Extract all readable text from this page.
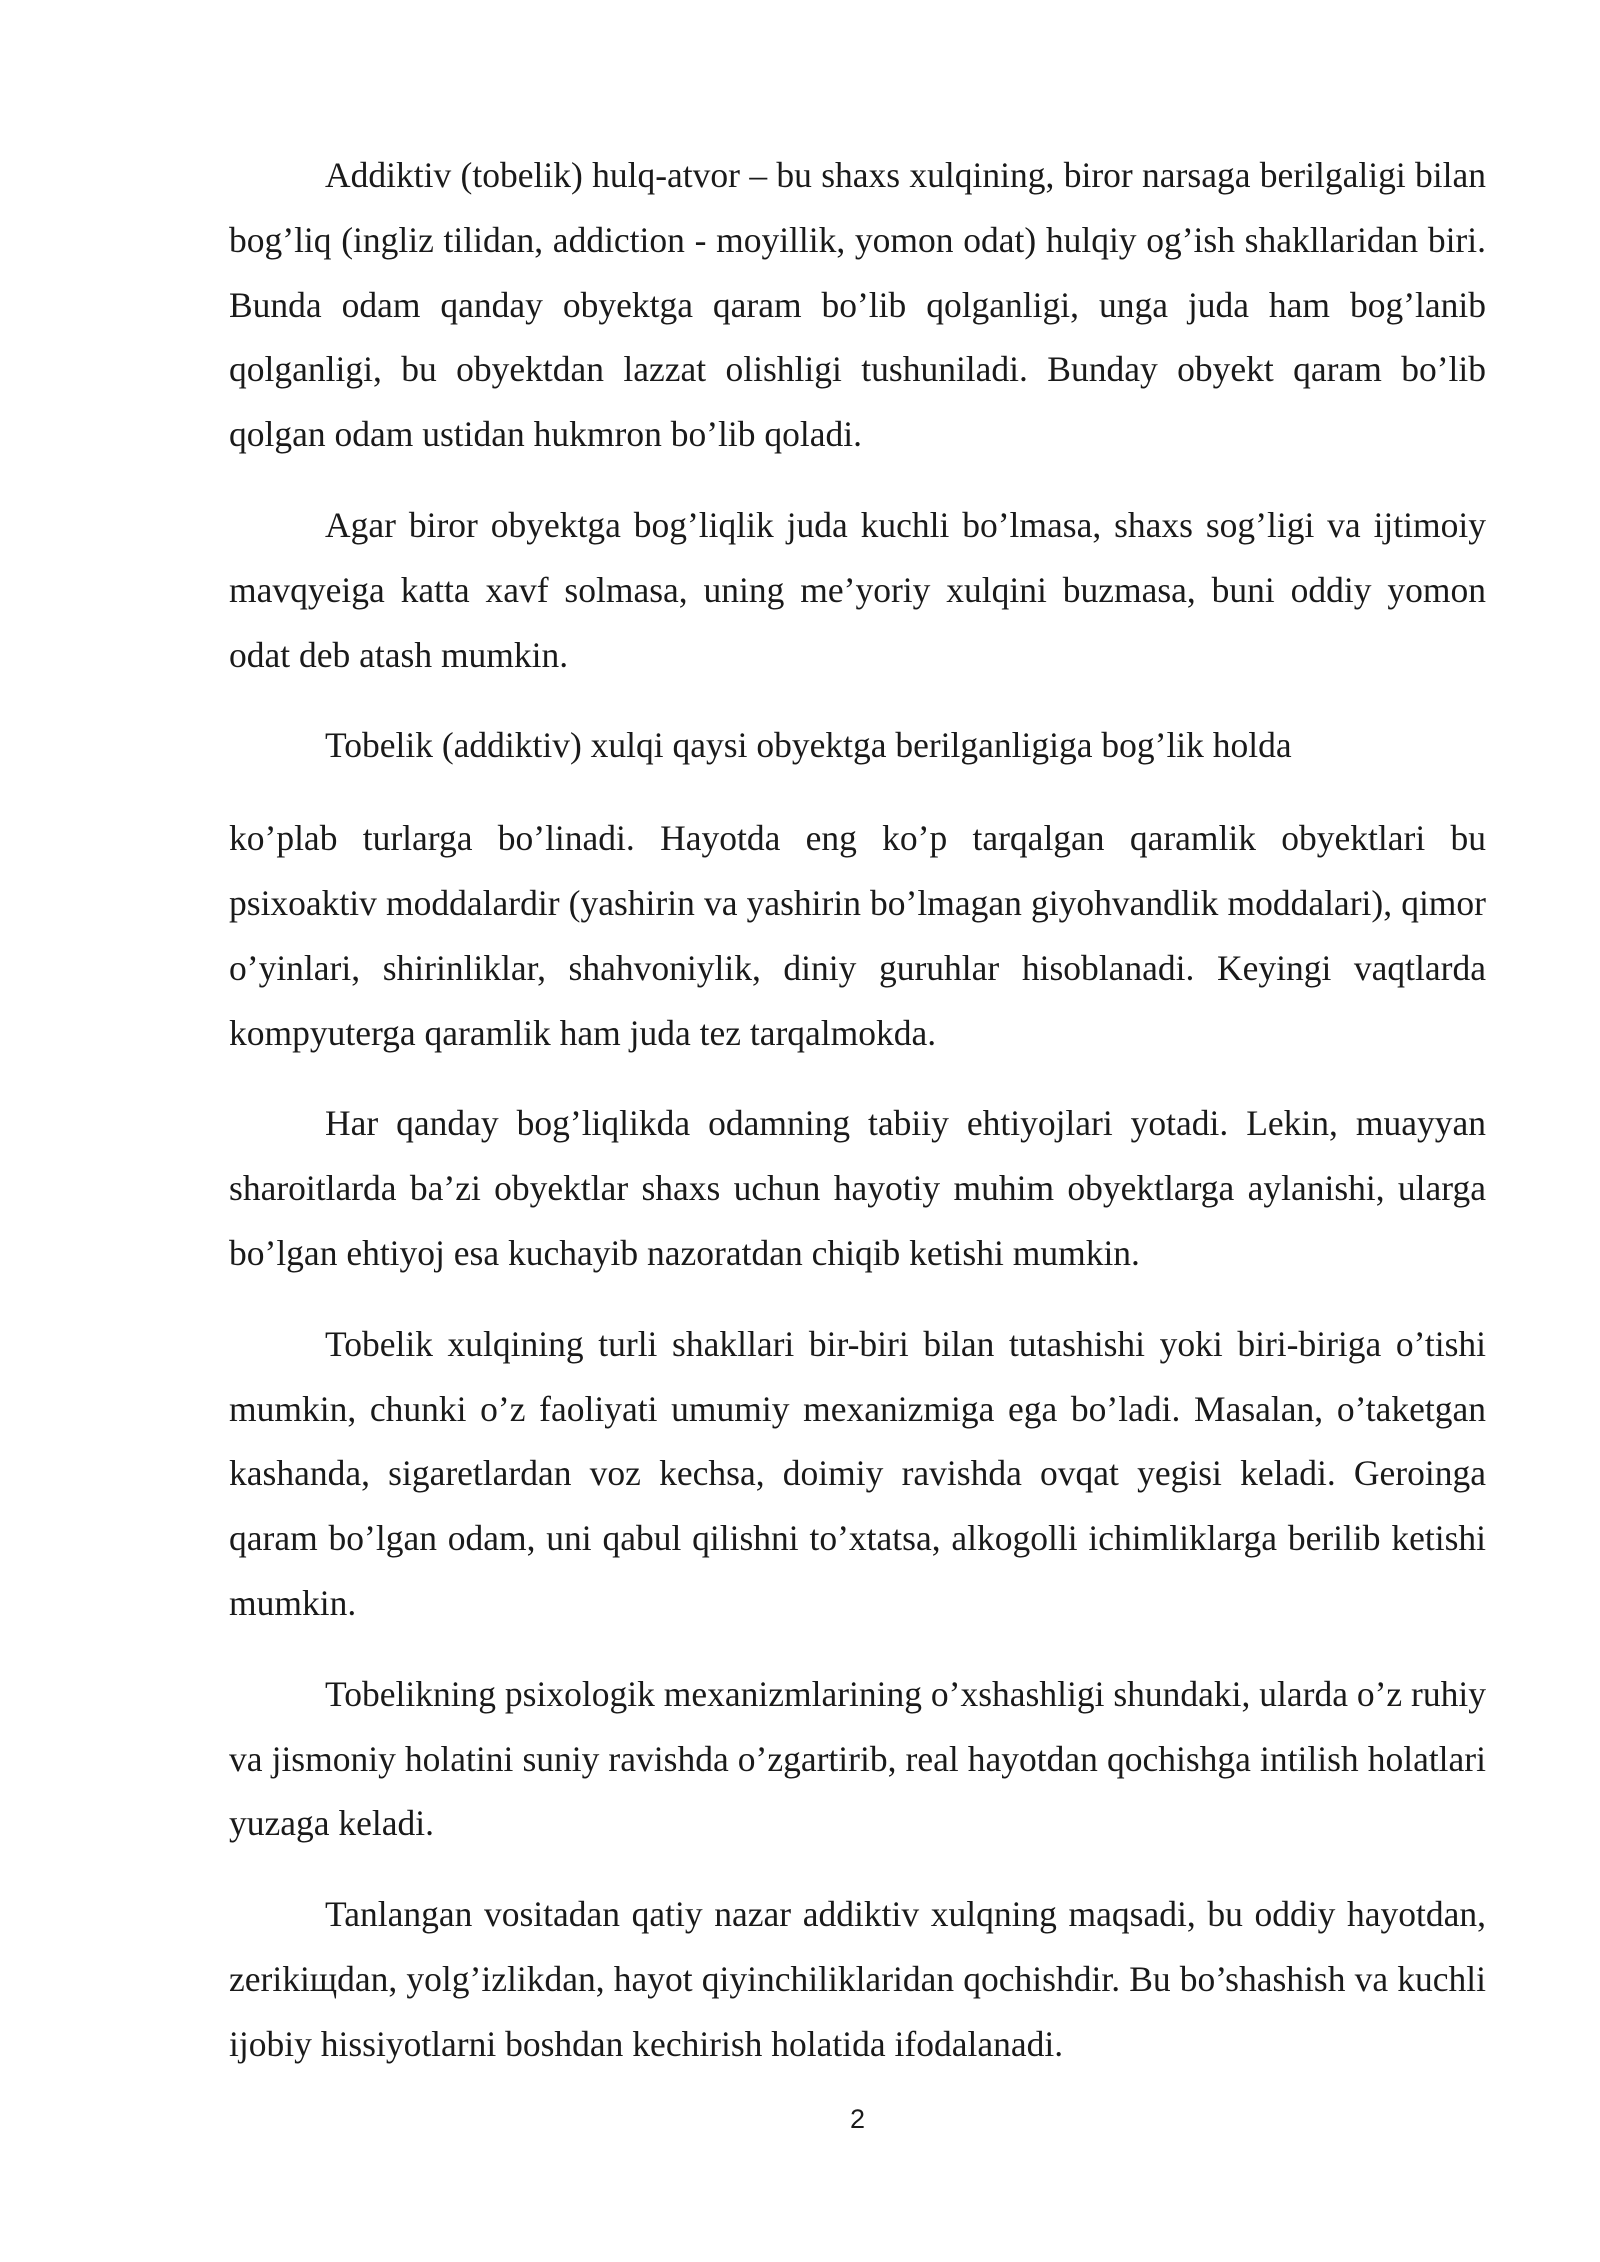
Addiktiv (tobelik) hulq-atvor – bu shaxs xulqining, biror narsaga berilgaligi bilan bog’liq (ingliz tilidan, addiction - moyillik, yomon odat) hulqiy og’ish shakllaridan biri. Bunda odam qanday obyektga qaram bo’lib qolganligi, unga juda ham bog’lanib qolganligi, bu obyektdan lazzat olishligi tushuniladi. Bunday obyekt qaram bo’lib qolgan odam ustidan hukmron bo’lib qoladi.

Agar biror obyektga bog’liqlik juda kuchli bo’lmasa, shaxs sog’ligi va ijtimoiy mavqyeiga katta xavf solmasa, uning me’yoriy xulqini buzmasa, buni oddiy yomon odat deb atash mumkin.

Tobelik (addiktiv) xulqi qaysi obyektga berilganligiga bog’lik holda

ko’plab turlarga bo’linadi. Hayotda eng ko’p tarqalgan qaramlik obyektlari bu psixoaktiv moddalardir (yashirin va yashirin bo’lmagan giyohvandlik moddalari), qimor o’yinlari, shirinliklar, shahvoniylik, diniy guruhlar hisoblanadi. Keyingi vaqtlarda kompyuterga qaramlik ham juda tez tarqalmokda.

Har qanday bog’liqlikda odamning tabiiy ehtiyojlari yotadi. Lekin, muayyan sharoitlarda ba’zi obyektlar shaxs uchun hayotiy muhim obyektlarga aylanishi, ularga bo’lgan ehtiyoj esa kuchayib nazoratdan chiqib ketishi mumkin.

Tobelik xulqining turli shakllari bir-biri bilan tutashishi yoki biri-biriga o’tishi mumkin, chunki o’z faoliyati umumiy mexanizmiga ega bo’ladi. Masalan, o’taketgan kashanda, sigaretlardan voz kechsa, doimiy ravishda ovqat yegisi keladi. Geroinga qaram bo’lgan odam, uni qabul qilishni to’xtatsa, alkogolli ichimliklarga berilib ketishi mumkin.

Tobelikning psixologik mexanizmlarining o’xshashligi shundaki, ularda o’z ruhiy va jismoniy holatini suniy ravishda o’zgartirib, real hayotdan qochishga intilish holatlari yuzaga keladi.

Tanlangan vositadan qatiy nazar addiktiv xulqning maqsadi, bu oddiy hayotdan, zerikiщdan, yolg’izlikdan, hayot qiyinchiliklaridan qochishdir. Bu bo’shashish va kuchli ijobiy hissiyotlarni boshdan kechirish holatida ifodalanadi.

2
